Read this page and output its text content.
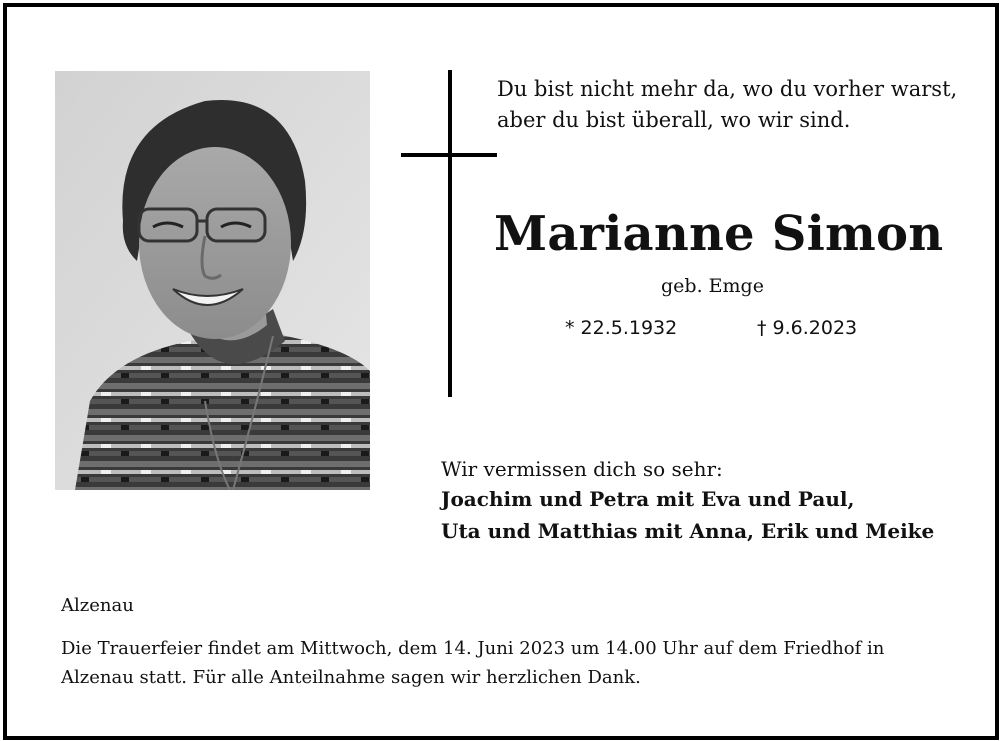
Du bist nicht mehr da, wo du vorher warst,
aber du bist überall, wo wir sind.
Marianne Simon
geb. Emge
* 22.5.1932	† 9.6.2023
Wir vermissen dich so sehr:
Joachim und Petra mit Eva und Paul,
Uta und Matthias mit Anna, Erik und Meike
Alzenau
Die Trauerfeier findet am Mittwoch, dem 14. Juni 2023 um 14.00 Uhr auf dem Friedhof in
Alzenau statt. Für alle Anteilnahme sagen wir herzlichen Dank.
